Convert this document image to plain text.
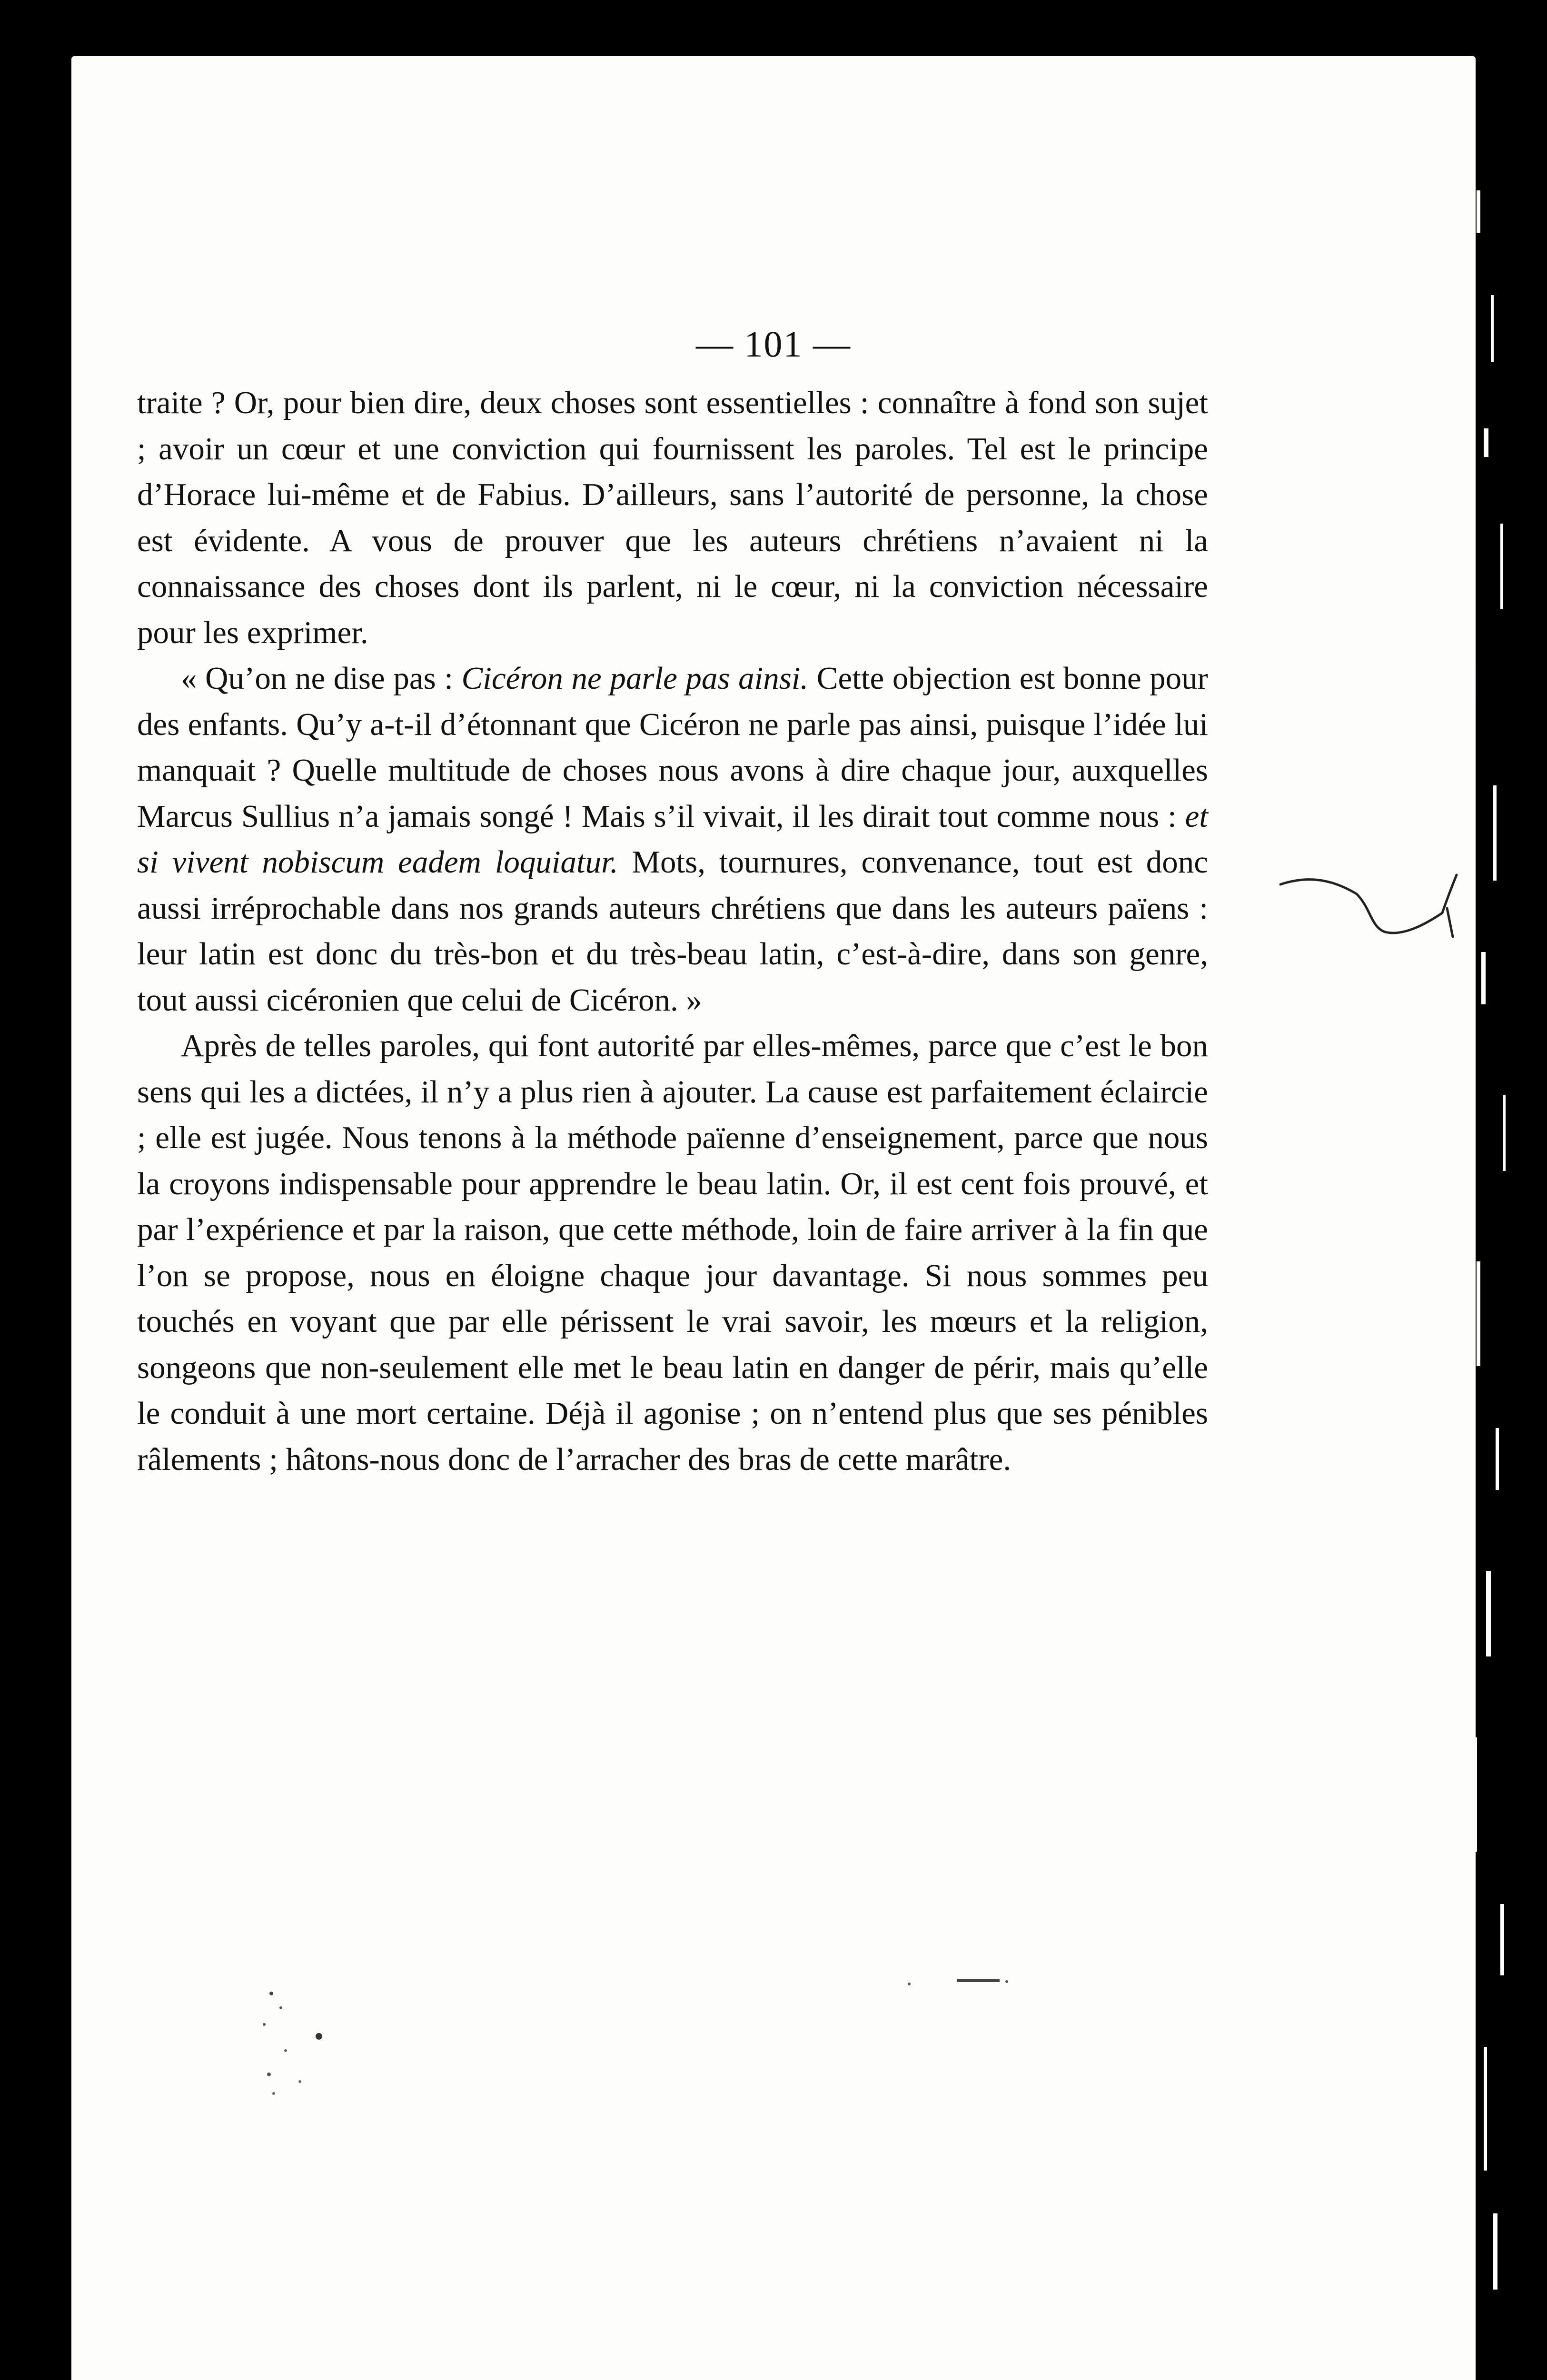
— 101 —

traite ? Or, pour bien dire, deux choses sont essentielles : connaître à fond son sujet ; avoir un cœur et une conviction qui fournissent les paroles. Tel est le principe d’Horace lui-même et de Fabius. D’ailleurs, sans l’autorité de personne, la chose est évidente. A vous de prouver que les auteurs chrétiens n’avaient ni la connaissance des choses dont ils parlent, ni le cœur, ni la conviction nécessaire pour les exprimer.

« Qu’on ne dise pas : Cicéron ne parle pas ainsi. Cette objection est bonne pour des enfants. Qu’y a-t-il d’étonnant que Cicéron ne parle pas ainsi, puisque l’idée lui manquait ? Quelle multitude de choses nous avons à dire chaque jour, auxquelles Marcus Sullius n’a jamais songé ! Mais s’il vivait, il les dirait tout comme nous : et si vivent nobiscum eadem loquiatur. Mots, tournures, convenance, tout est donc aussi irréprochable dans nos grands auteurs chrétiens que dans les auteurs païens : leur latin est donc du très-bon et du très-beau latin, c’est-à-dire, dans son genre, tout aussi cicéronien que celui de Cicéron. »

Après de telles paroles, qui font autorité par elles-mêmes, parce que c’est le bon sens qui les a dictées, il n’y a plus rien à ajouter. La cause est parfaitement éclaircie ; elle est jugée. Nous tenons à la méthode païenne d’enseignement, parce que nous la croyons indispensable pour apprendre le beau latin. Or, il est cent fois prouvé, et par l’expérience et par la raison, que cette méthode, loin de faire arriver à la fin que l’on se propose, nous en éloigne chaque jour davantage. Si nous sommes peu touchés en voyant que par elle périssent le vrai savoir, les mœurs et la religion, songeons que non-seulement elle met le beau latin en danger de périr, mais qu’elle le conduit à une mort certaine. Déjà il agonise ; on n’entend plus que ses pénibles râlements ; hâtons-nous donc de l’arracher des bras de cette marâtre.
